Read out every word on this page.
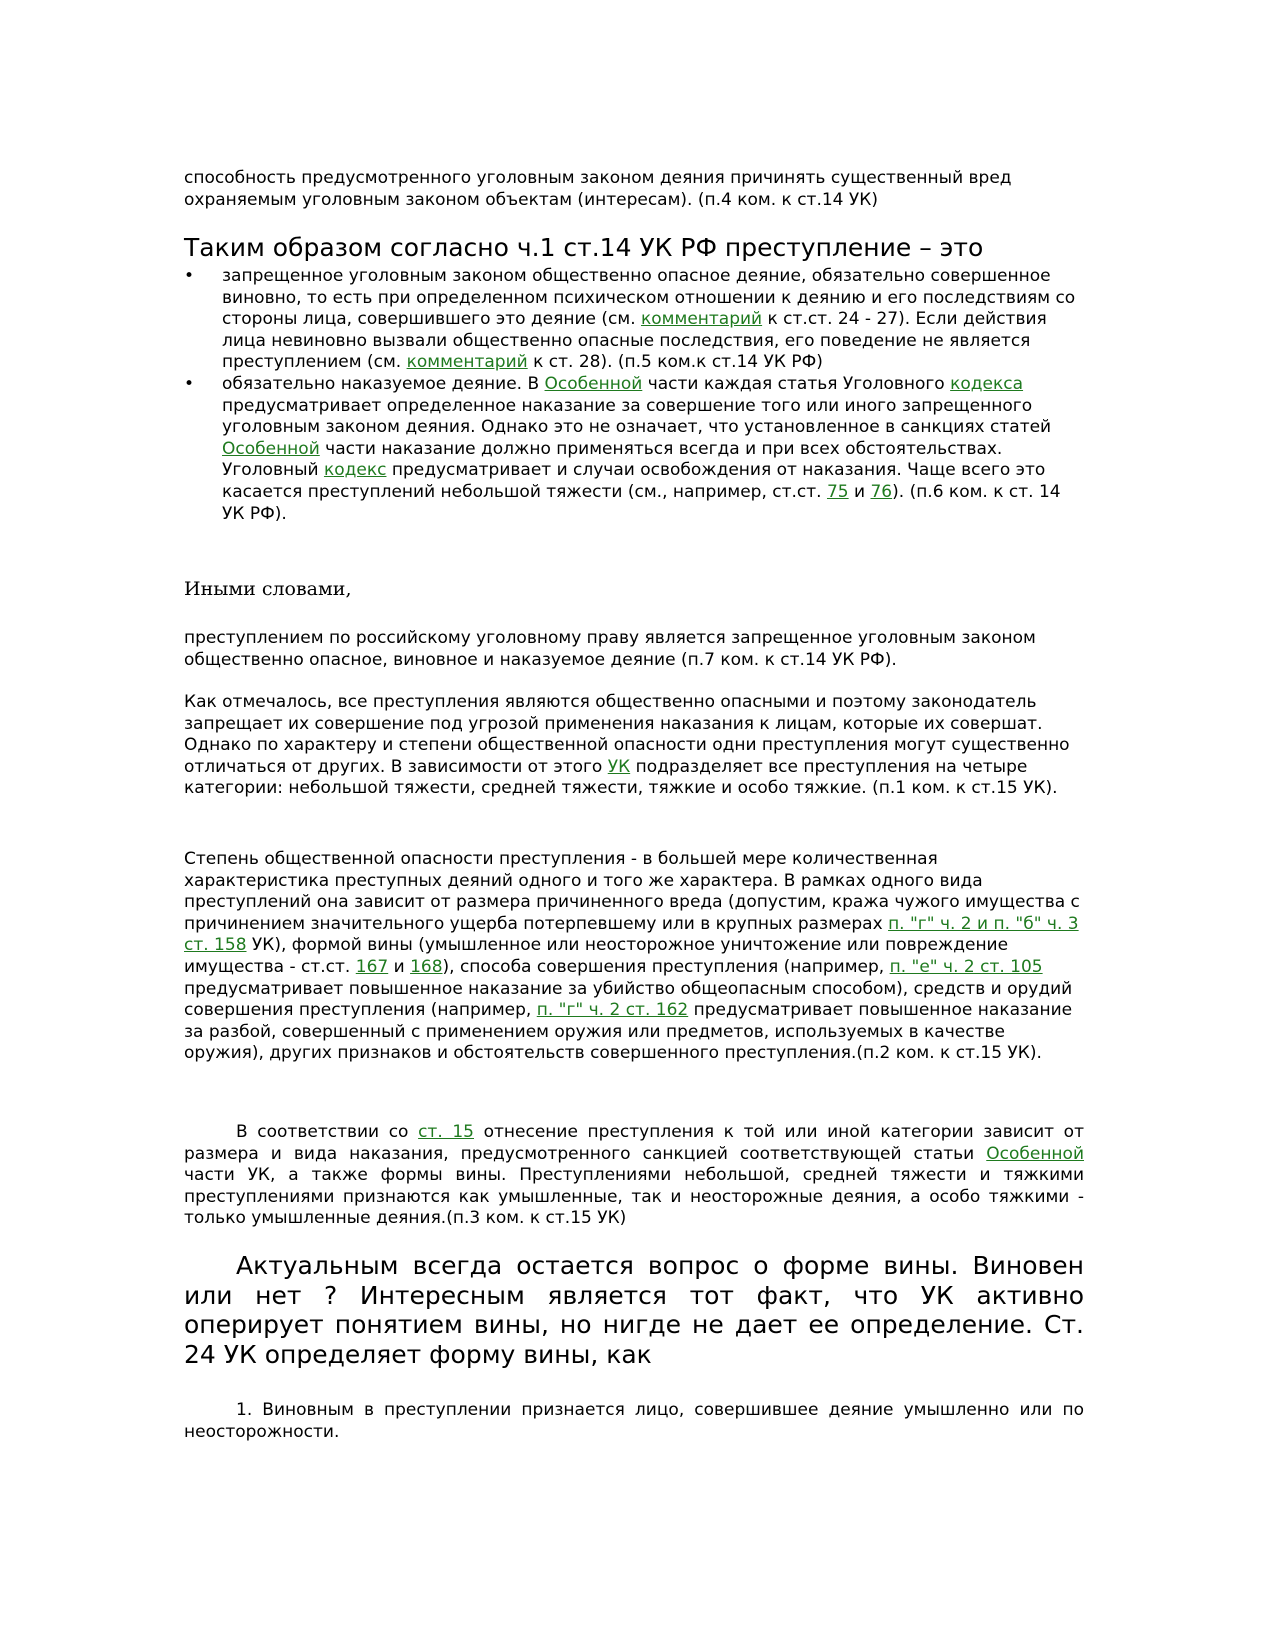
способность предусмотренного уголовным законом деяния причинять существенный вред охраняемым уголовным законом объектам (интересам). (п.4 ком. к ст.14 УК)
Таким образом согласно ч.1 ст.14 УК РФ преступление – это
• запрещенное уголовным законом общественно опасное деяние, обязательно совершенное виновно, то есть при определенном психическом отношении к деянию и его последствиям со стороны лица, совершившего это деяние (см. комментарий к ст.ст. 24 - 27). Если действия лица невиновно вызвали общественно опасные последствия, его поведение не является преступлением (см. комментарий к ст. 28). (п.5 ком.к ст.14 УК РФ)
• обязательно наказуемое деяние. В Особенной части каждая статья Уголовного кодекса предусматривает определенное наказание за совершение того или иного запрещенного уголовным законом деяния. Однако это не означает, что установленное в санкциях статей Особенной части наказание должно применяться всегда и при всех обстоятельствах. Уголовный кодекс предусматривает и случаи освобождения от наказания. Чаще всего это касается преступлений небольшой тяжести (см., например, ст.ст. 75 и 76). (п.6 ком. к ст. 14 УК РФ).
Иными словами,
преступлением по российскому уголовному праву является запрещенное уголовным законом общественно опасное, виновное и наказуемое деяние (п.7 ком. к ст.14 УК РФ).
Как отмечалось, все преступления являются общественно опасными и поэтому законодатель запрещает их совершение под угрозой применения наказания к лицам, которые их совершат. Однако по характеру и степени общественной опасности одни преступления могут существенно отличаться от других. В зависимости от этого УК подразделяет все преступления на четыре категории: небольшой тяжести, средней тяжести, тяжкие и особо тяжкие. (п.1 ком. к ст.15 УК).
Степень общественной опасности преступления - в большей мере количественная характеристика преступных деяний одного и того же характера. В рамках одного вида преступлений она зависит от размера причиненного вреда (допустим, кража чужого имущества с причинением значительного ущерба потерпевшему или в крупных размерах п. "г" ч. 2 и п. "б" ч. 3 ст. 158 УК), формой вины (умышленное или неосторожное уничтожение или повреждение имущества - ст.ст. 167 и 168), способа совершения преступления (например, п. "е" ч. 2 ст. 105 предусматривает повышенное наказание за убийство общеопасным способом), средств и орудий совершения преступления (например, п. "г" ч. 2 ст. 162 предусматривает повышенное наказание за разбой, совершенный с применением оружия или предметов, используемых в качестве оружия), других признаков и обстоятельств совершенного преступления.(п.2 ком. к ст.15 УК).
В соответствии со ст. 15 отнесение преступления к той или иной категории зависит от размера и вида наказания, предусмотренного санкцией соответствующей статьи Особенной части УК, а также формы вины. Преступлениями небольшой, средней тяжести и тяжкими преступлениями признаются как умышленные, так и неосторожные деяния, а особо тяжкими - только умышленные деяния.(п.3 ком. к ст.15 УК)
Актуальным всегда остается вопрос о форме вины. Виновен или нет ? Интересным является тот факт, что УК активно оперирует понятием вины, но нигде не дает ее определение. Ст. 24 УК определяет форму вины, как
1. Виновным в преступлении признается лицо, совершившее деяние умышленно или по неосторожности.
